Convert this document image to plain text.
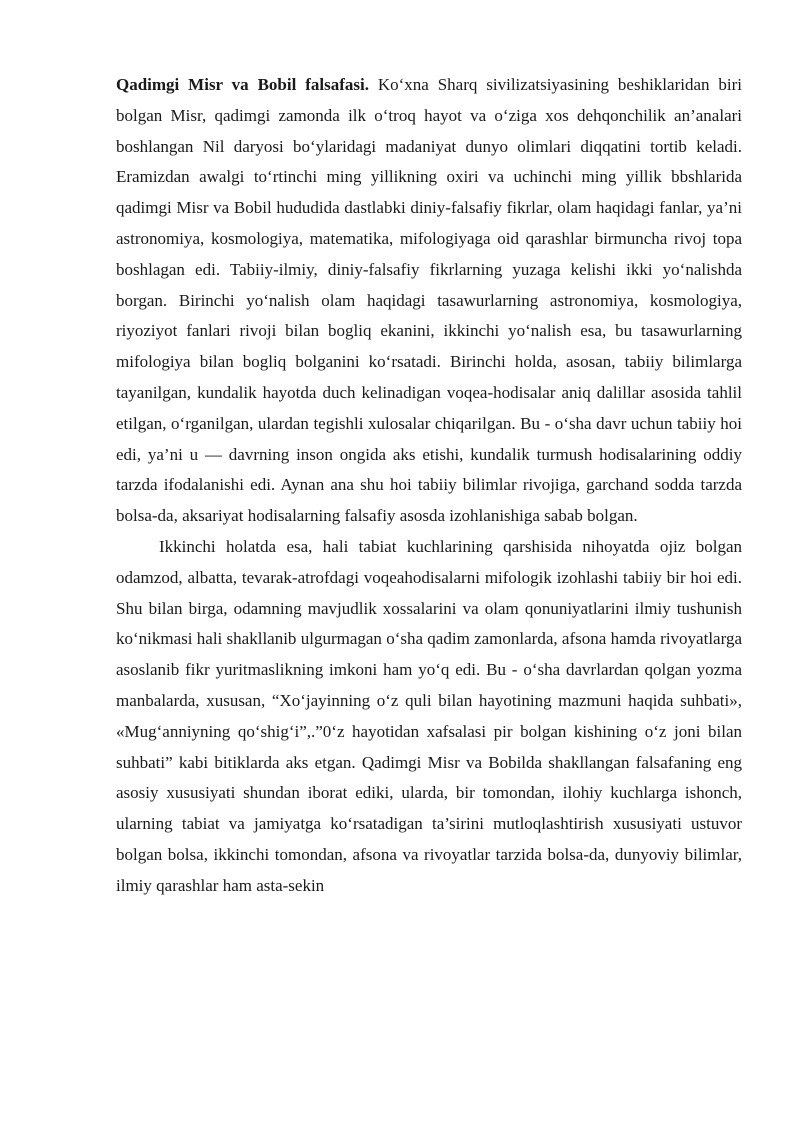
Qadimgi Misr va Bobil falsafasi. Ko‘xna Sharq sivilizatsiyasining beshiklaridan biri bolgan Misr, qadimgi zamonda ilk o‘troq hayot va o‘ziga xos dehqonchilik an’analari boshlangan Nil daryosi bo‘ylaridagi madaniyat dunyo olimlari diqqatini tortib keladi. Eramizdan awalgi to‘rtinchi ming yillikning oxiri va uchinchi ming yillik bbshlarida qadimgi Misr va Bobil hududida dastlabki diniy-falsafiy fikrlar, olam haqidagi fanlar, ya’ni astronomiya, kosmologiya, matematika, mifologiyaga oid qarashlar birmuncha rivoj topa boshlagan edi. Tabiiy-ilmiy, diniy-falsafiy fikrlarning yuzaga kelishi ikki yo‘nalishda borgan. Birinchi yo‘nalish olam haqidagi tasawurlarning astronomiya, kosmologiya, riyoziyot fanlari rivoji bilan bogliq ekanini, ikkinchi yo‘nalish esa, bu tasawurlarning mifologiya bilan bogliq bolganini ko‘rsatadi. Birinchi holda, asosan, tabiiy bilimlarga tayanilgan, kundalik hayotda duch kelinadigan voqea-hodisalar aniq dalillar asosida tahlil etilgan, o‘rganilgan, ulardan tegishli xulosalar chiqarilgan. Bu - o‘sha davr uchun tabiiy hoi edi, ya’ni u — davrning inson ongida aks etishi, kundalik turmush hodisalarining oddiy tarzda ifodalanishi edi. Aynan ana shu hoi tabiiy bilimlar rivojiga, garchand sodda tarzda bolsa-da, aksariyat hodisalarning falsafiy asosda izohlanishiga sabab bolgan.

Ikkinchi holatda esa, hali tabiat kuchlarining qarshisida nihoyatda ojiz bolgan odamzod, albatta, tevarak-atrofdagi voqeahodisalarni mifologik izohlashi tabiiy bir hoi edi. Shu bilan birga, odamning mavjudlik xossalarini va olam qonuniyatlarini ilmiy tushunish ko‘nikmasi hali shakllanib ulgurmagan o‘sha qadim zamonlarda, afsona hamda rivoyatlarga asoslanib fikr yuritmaslikning imkoni ham yo‘q edi. Bu - o‘sha davrlardan qolgan yozma manbalarda, xususan, “Xo‘jayinning o‘z quli bilan hayotining mazmuni haqida suhbati», «Mug‘anniyning qo‘shig‘i”,.”0‘z hayotidan xafsalasi pir bolgan kishining o‘z joni bilan suhbati” kabi bitiklarda aks etgan. Qadimgi Misr va Bobilda shakllangan falsafaning eng asosiy xususiyati shundan iborat ediki, ularda, bir tomondan, ilohiy kuchlarga ishonch, ularning tabiat va jamiyatga ko‘rsatadigan ta’sirini mutloqlashtirish xususiyati ustuvor bolgan bolsa, ikkinchi tomondan, afsona va rivoyatlar tarzida bolsa-da, dunyoviy bilimlar, ilmiy qarashlar ham asta-sekin
